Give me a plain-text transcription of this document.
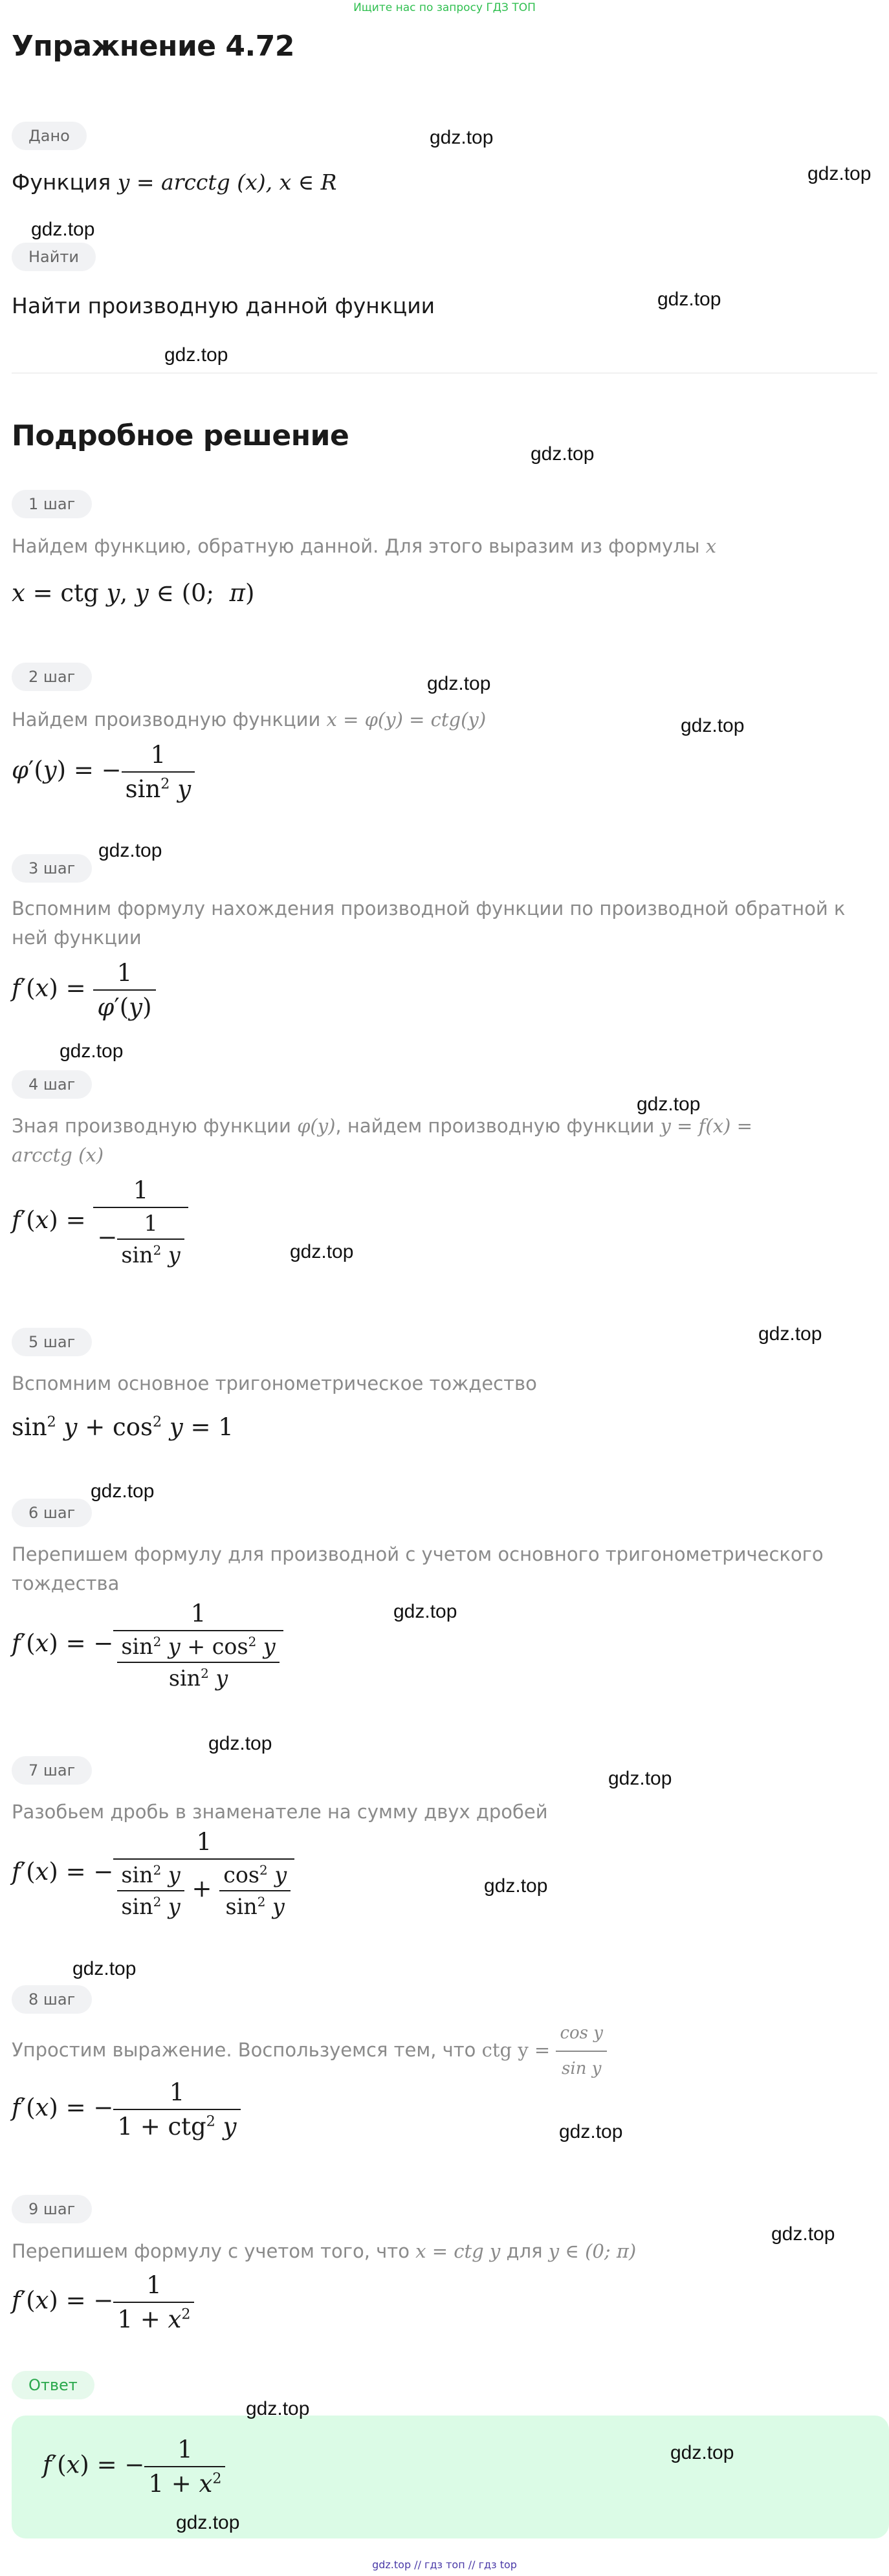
Ищите нас по запросу ГДЗ ТОП
Упражнение 4.72
Дано
Функция y = arcctg (x), x ∈ R
Найти
Найти производную данной функции
Подробное решение
1 шаг
Найдем функцию, обратную данной. Для этого выразим из формулы x
x = ctg y, y ∈ (0;  π)
2 шаг
Найдем производную функции x = φ(y) = ctg(y)
φ′(y) = − $\frac{1}{\sin^2 y}$
3 шаг
Вспомним формулу нахождения производной функции по производной обратной к ней функции
$f'(x) = \frac{1}{\varphi'(y)}$
4 шаг
Зная производную функции φ(y), найдем производную функции y = f(x) =
arcctg (x)
$f'(x) = \frac{1}{- \frac{1}{\sin^2 y}}$
5 шаг
Вспомним основное тригонометрическое тождество
$\sin^2 y + \cos^2 y = 1$
6 шаг
Перепишем формулу для производной с учетом основного тригонометрического тождества
f′(x) = − $\frac{1}{\frac{\sin^2 y + \cos^2 y}{\sin^2 y}}$
7 шаг
Разобьем дробь в знаменателе на сумму двух дробей
f′(x) = − $\frac{1}{\frac{\sin^2 y}{\sin^2 y} + \frac{\cos^2 y}{\sin^2 y}}$
8 шаг
Упростим выражение. Воспользуемся тем, что ctg $y = \frac{\text{cos y}}{\text{sin y}}$
f′(x) = − $\frac{1}{1 + ctg^2 y}$
9 шаг
Перепишем формулу с учетом того, что x = ctg y для y ∈ (0; π)
f′(x) = − $\frac{1}{1 + x^2}$
Ответ
f′(x) = − $\frac{1}{1 + x^2}$
gdz.top
gdz.top
gdz.top
gdz.top
gdz.top
gdz.top
gdz.top
gdz.top
gdz.top
gdz.top
gdz.top
gdz.top
gdz.top
gdz.top
gdz.top
gdz.top
gdz.top
gdz.top
gdz.top
gdz.top
gdz.top
gdz.top
gdz.top
gdz.top
gdz.top // гдз топ // гдз top
